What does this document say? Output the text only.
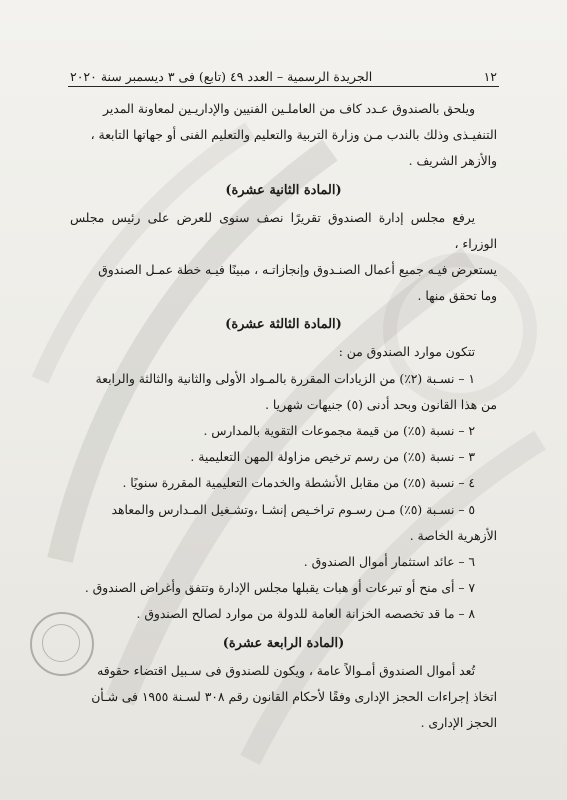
١٢
الجريدة الرسمية – العدد ٤٩ (تابع) فى ٣ ديسمبر سنة ٢٠٢٠

ويلحق بالصندوق عـدد كاف من العاملـين الفنيين والإداريـين لمعاونة المدير

التنفيـذى وذلك بالندب مـن وزارة التربية والتعليم والتعليم الفنى أو جهاتها التابعة ،

والأزهر الشريف .

(المادة الثانية عشرة)

يرفع مجلس إدارة الصندوق تقريرًا نصف سنوى للعرض على رئيس مجلس الوزراء ،

يستعرض فيـه جميع أعمال الصنـدوق وإنجازاتـه ، مبينًا فيـه خطة عمـل الصندوق

وما تحقق منها .

(المادة الثالثة عشرة)

تتكون موارد الصندوق من :

١ – نسـبة (٢٪) من الزيادات المقررة بالمـواد الأولى والثانية والثالثة والرابعة

من هذا القانون وبحد أدنى (٥) جنيهات شهريا .

٢ – نسبة (٥٪) من قيمة مجموعات التقوية بالمدارس .

٣ – نسبة (٥٪) من رسم ترخيص مزاولة المهن التعليمية .

٤ – نسبة (٥٪) من مقابل الأنشطة والخدمات التعليمية المقررة سنويًا .

٥ – نسـبة (٥٪) مـن رسـوم تراخـيص إنشـا ،وتشـغيل المـدارس والمعاهد

الأزهرية الخاصة .

٦ – عائد استثمار أموال الصندوق .

٧ – أى منح أو تبرعات أو هبات يقبلها مجلس الإدارة وتتفق وأغراض الصندوق .

٨ – ما قد تخصصه الخزانة العامة للدولة من موارد لصالح الصندوق .

(المادة الرابعة عشرة)

تُعد أموال الصندوق أمـوالاً عامة ، ويكون للصندوق فى سـبيل اقتضاء حقوقه

اتخاذ إجراءات الحجز الإدارى وفقًا لأحكام القانون رقم ٣٠٨ لسـنة ١٩٥٥ فى شـأن

الحجز الإدارى .
